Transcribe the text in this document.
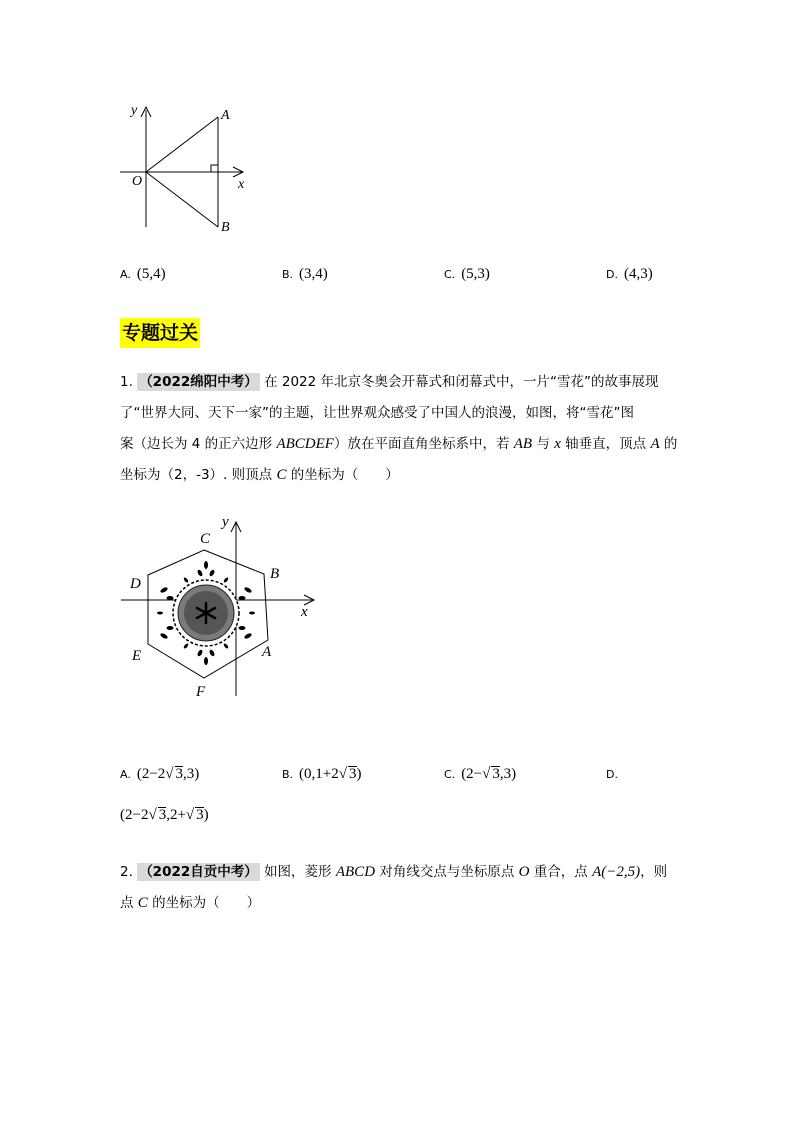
y
x
O
A
B
A. (5,4)	B. (3,4)	C. (5,3)	D. (4,3)
专题过关
1. （2022绵阳中考） 在 2022 年北京冬奥会开幕式和闭幕式中，一片“雪花”的故事展现
了“世界大同、天下一家”的主题，让世界观众感受了中国人的浪漫，如图，将“雪花”图
案（边长为 4 的正六边形 ABCDEF）放在平面直角坐标系中，若 AB 与 x 轴垂直，顶点 A 的
坐标为（2，-3）. 则顶点 C 的坐标为（　　）
C
y
B
D
x
E	A
F
A. (2−2√ 3,3)	B. (0,1+2√ 3)	C. (2−√ 3,3)	D.
(2−2√ 3,2+√ 3)
2. （2022自贡中考） 如图，菱形 ABCD 对角线交点与坐标原点 O 重合，点 A(−2,5)，则
点 C 的坐标为（　　）
